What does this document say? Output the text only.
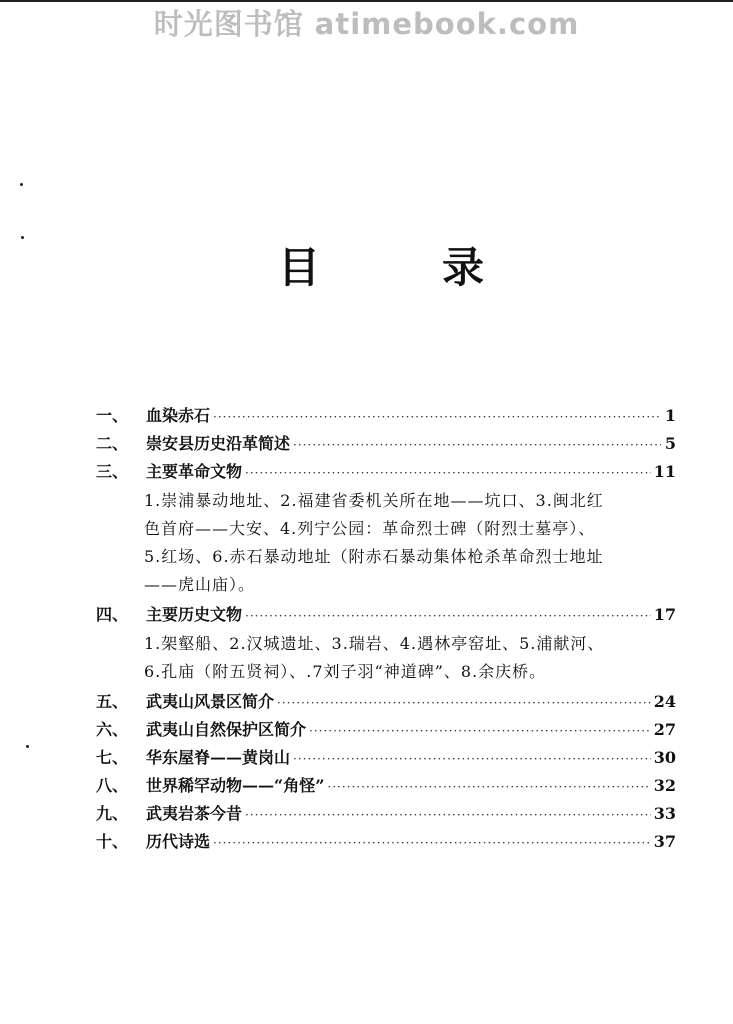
时光图书馆 atimebook.com
目	录
一、	血染赤石 ·····	1
二、	崇安县历史沿革简述 ·····	5
三、	主要革命文物 ·····	11
1.崇浦暴动地址、2.福建省委机关所在地——坑口、3.闽北红
色首府——大安、4.列宁公园：革命烈士碑（附烈士墓亭）、
5.红场、6.赤石暴动地址（附赤石暴动集体枪杀革命烈士地址
——虎山庙）。
四、	主要历史文物 ·····	17
1.架壑船、2.汉城遗址、3.瑞岩、4.遇林亭窑址、5.浦献河、
6.孔庙（附五贤祠）、.7刘子羽“神道碑”、8.余庆桥。
五、	武夷山风景区简介 ·····	24
六、	武夷山自然保护区简介 ·····	27
七、	华东屋脊——黄岗山 ·····	30
八、	世界稀罕动物——“角怪” ·····	32
九、	武夷岩茶今昔 ·····	33
十、	历代诗选 ·····	37
